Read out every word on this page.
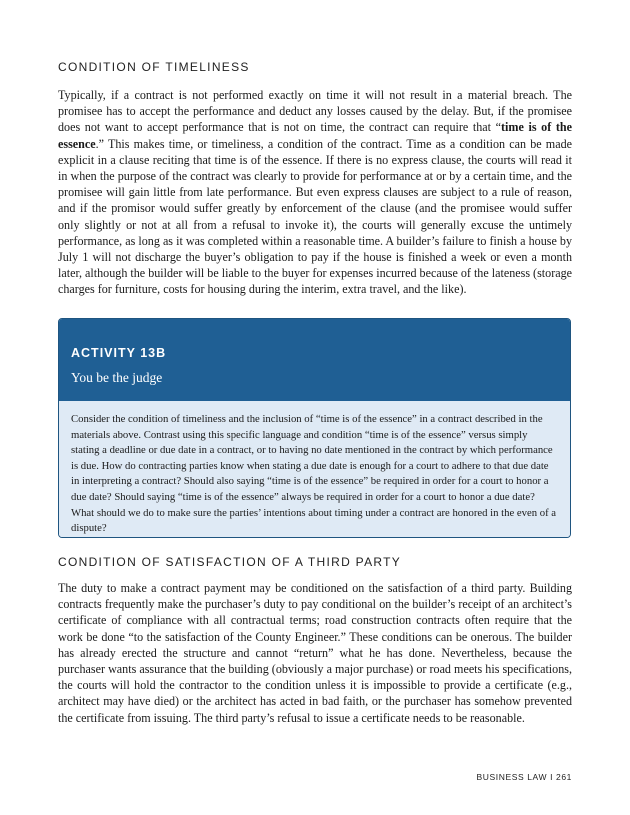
CONDITION OF TIMELINESS

Typically, if a contract is not performed exactly on time it will not result in a material breach. The promisee has to accept the performance and deduct any losses caused by the delay. But, if the promisee does not want to accept performance that is not on time, the contract can require that “time is of the essence.” This makes time, or timeliness, a condition of the contract. Time as a condition can be made explicit in a clause reciting that time is of the essence. If there is no express clause, the courts will read it in when the purpose of the contract was clearly to provide for performance at or by a certain time, and the promisee will gain little from late performance. But even express clauses are subject to a rule of reason, and if the promisor would suffer greatly by enforcement of the clause (and the promisee would suffer only slightly or not at all from a refusal to invoke it), the courts will generally excuse the untimely performance, as long as it was completed within a reasonable time. A builder’s failure to finish a house by July 1 will not discharge the buyer’s obligation to pay if the house is finished a week or even a month later, although the builder will be liable to the buyer for expenses incurred because of the lateness (storage charges for furniture, costs for housing during the interim, extra travel, and the like).

ACTIVITY 13B

You be the judge

Consider the condition of timeliness and the inclusion of “time is of the essence” in a contract described in the materials above. Contrast using this specific language and condition “time is of the essence” versus simply stating a deadline or due date in a contract, or to having no date mentioned in the contract by which performance is due. How do contracting parties know when stating a due date is enough for a court to adhere to that due date in interpreting a contract? Should also saying “time is of the essence” be required in order for a court to honor a due date? Should saying “time is of the essence” always be required in order for a court to honor a due date? What should we do to make sure the parties’ intentions about timing under a contract are honored in the even of a dispute?

CONDITION OF SATISFACTION OF A THIRD PARTY

The duty to make a contract payment may be conditioned on the satisfaction of a third party. Building contracts frequently make the purchaser’s duty to pay conditional on the builder’s receipt of an architect’s certificate of compliance with all contractual terms; road construction contracts often require that the work be done “to the satisfaction of the County Engineer.” These conditions can be onerous. The builder has already erected the structure and cannot “return” what he has done. Nevertheless, because the purchaser wants assurance that the building (obviously a major purchase) or road meets his specifications, the courts will hold the contractor to the condition unless it is impossible to provide a certificate (e.g., architect may have died) or the architect has acted in bad faith, or the purchaser has somehow prevented the certificate from issuing. The third party’s refusal to issue a certificate needs to be reasonable.

BUSINESS LAW I 261
